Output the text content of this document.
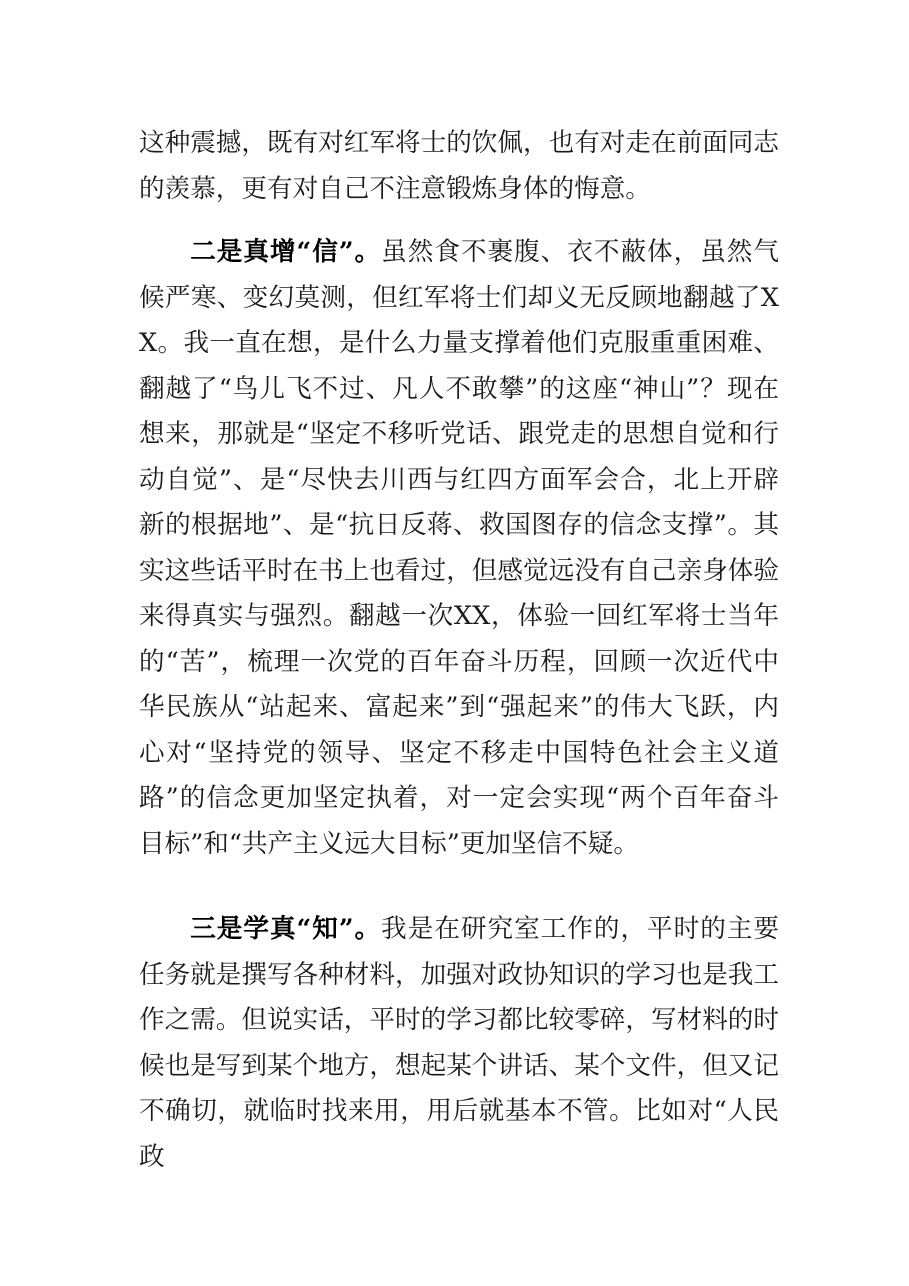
这种震撼，既有对红军将士的饮佩，也有对走在前面同志的羡慕，更有对自己不注意锻炼身体的悔意。

二是真增“信”。虽然食不裹腹、衣不蔽体，虽然气候严寒、变幻莫测，但红军将士们却义无反顾地翻越了XX。我一直在想，是什么力量支撑着他们克服重重困难、翻越了“鸟儿飞不过、凡人不敢攀”的这座“神山”？现在想来，那就是“坚定不移听党话、跟党走的思想自觉和行动自觉”、是“尽快去川西与红四方面军会合，北上开辟新的根据地”、是“抗日反蒋、救国图存的信念支撑”。其实这些话平时在书上也看过，但感觉远没有自己亲身体验来得真实与强烈。翻越一次XX，体验一回红军将士当年的“苦”，梳理一次党的百年奋斗历程，回顾一次近代中华民族从“站起来、富起来”到“强起来”的伟大飞跃，内心对“坚持党的领导、坚定不移走中国特色社会主义道路”的信念更加坚定执着，对一定会实现“两个百年奋斗目标”和“共产主义远大目标”更加坚信不疑。

三是学真“知”。我是在研究室工作的，平时的主要任务就是撰写各种材料，加强对政协知识的学习也是我工作之需。但说实话，平时的学习都比较零碎，写材料的时候也是写到某个地方，想起某个讲话、某个文件，但又记不确切，就临时找来用，用后就基本不管。比如对“人民政
